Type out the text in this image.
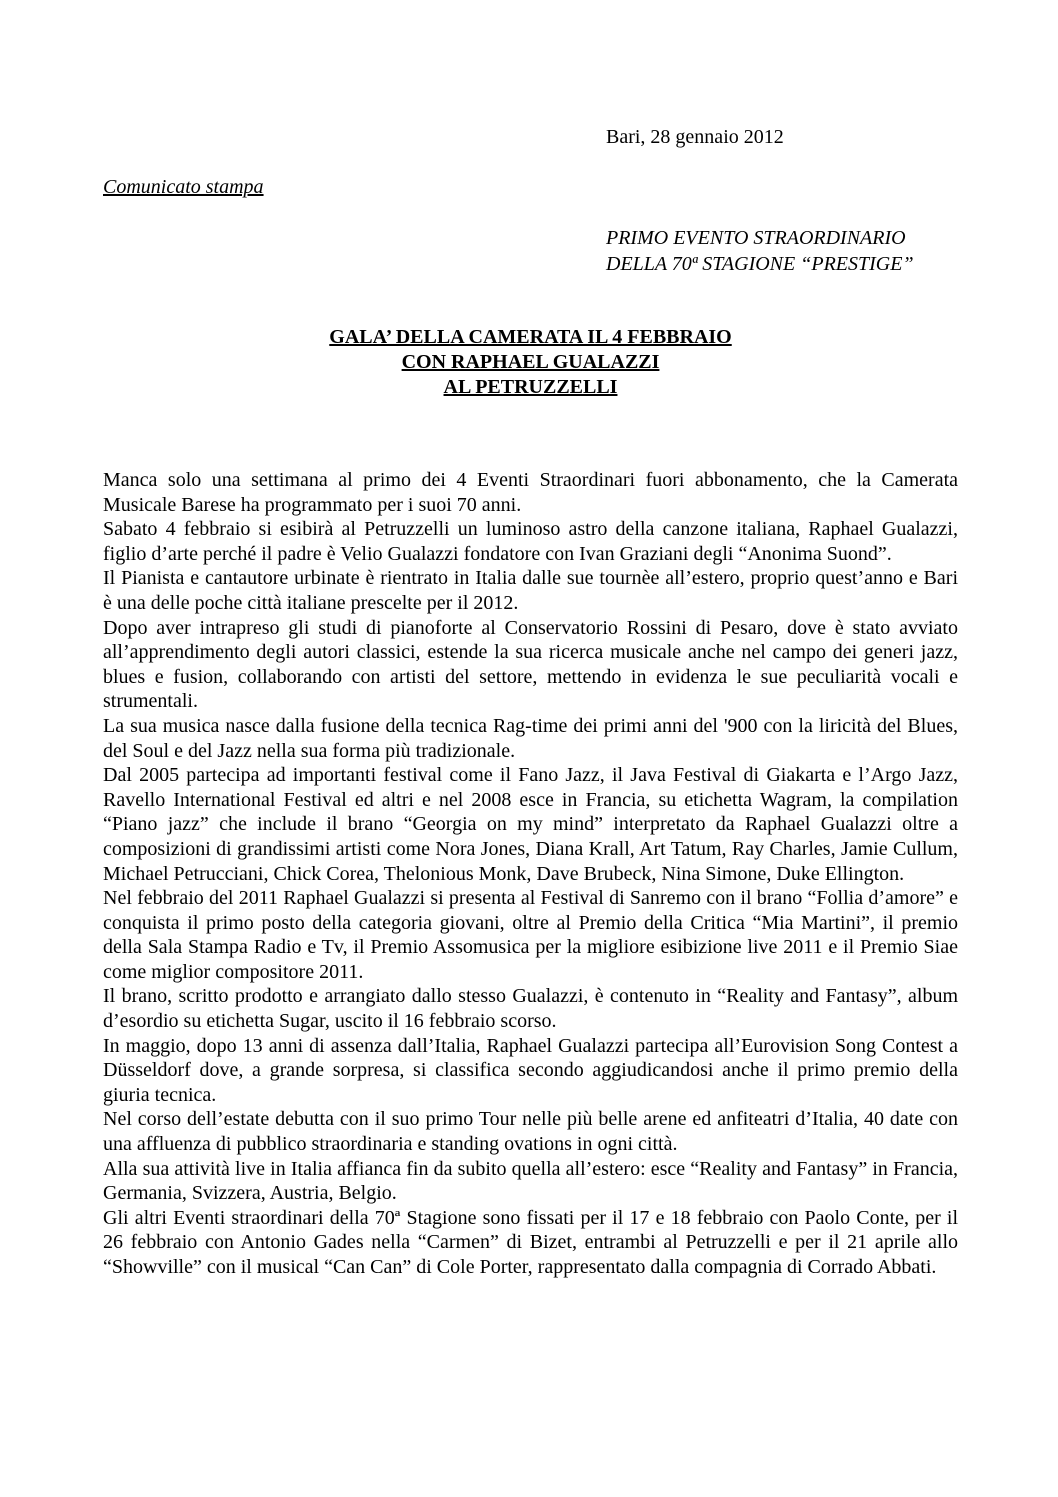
Bari, 28 gennaio 2012
Comunicato stampa
PRIMO EVENTO STRAORDINARIO
DELLA 70ª STAGIONE “PRESTIGE”
GALA’ DELLA CAMERATA IL 4 FEBBRAIO
CON RAPHAEL GUALAZZI
AL PETRUZZELLI

Manca solo una settimana al primo dei 4 Eventi Straordinari fuori abbonamento, che la Camerata Musicale Barese ha programmato per i suoi 70 anni.

Sabato 4 febbraio si esibirà al Petruzzelli un luminoso astro della canzone italiana, Raphael Gualazzi, figlio d’arte perché il padre è Velio Gualazzi fondatore con Ivan Graziani degli “Anonima Suond”.

Il Pianista e cantautore urbinate è rientrato in Italia dalle sue tournèe all’estero, proprio quest’anno e Bari è una delle poche città italiane prescelte per il 2012.

Dopo aver intrapreso gli studi di pianoforte al Conservatorio Rossini di Pesaro, dove è stato avviato all’apprendimento degli autori classici, estende la sua ricerca musicale anche nel campo dei generi jazz, blues e fusion, collaborando con artisti del settore, mettendo in evidenza le sue peculiarità vocali e strumentali.

La sua musica nasce dalla fusione della tecnica Rag-time dei primi anni del '900 con la liricità del Blues, del Soul e del Jazz nella sua forma più tradizionale.

Dal 2005 partecipa ad importanti festival come il Fano Jazz, il Java Festival di Giakarta e l’Argo Jazz, Ravello International Festival ed altri e nel 2008 esce in Francia, su etichetta Wagram, la compilation “Piano jazz” che include il brano “Georgia on my mind” interpretato da Raphael Gualazzi oltre a composizioni di grandissimi artisti come Nora Jones, Diana Krall, Art Tatum, Ray Charles, Jamie Cullum, Michael Petrucciani, Chick Corea, Thelonious Monk, Dave Brubeck, Nina Simone, Duke Ellington.

Nel febbraio del 2011 Raphael Gualazzi si presenta al Festival di Sanremo con il brano “Follia d’amore” e conquista il primo posto della categoria giovani, oltre al Premio della Critica “Mia Martini”, il premio della Sala Stampa Radio e Tv, il Premio Assomusica per la migliore esibizione live 2011 e il Premio Siae come miglior compositore 2011.

Il brano, scritto prodotto e arrangiato dallo stesso Gualazzi, è contenuto in “Reality and Fantasy”, album d’esordio su etichetta Sugar, uscito il 16 febbraio scorso.

In maggio, dopo 13 anni di assenza dall’Italia, Raphael Gualazzi partecipa all’Eurovision Song Contest a Düsseldorf dove, a grande sorpresa, si classifica secondo aggiudicandosi anche il primo premio della giuria tecnica.

Nel corso dell’estate debutta con il suo primo Tour nelle più belle arene ed anfiteatri d’Italia, 40 date con una affluenza di pubblico straordinaria e standing ovations in ogni città.

Alla sua attività live in Italia affianca fin da subito quella all’estero: esce “Reality and Fantasy” in Francia, Germania, Svizzera, Austria, Belgio.

Gli altri Eventi straordinari della 70ª Stagione sono fissati per il 17 e 18 febbraio con Paolo Conte, per il 26 febbraio con Antonio Gades nella “Carmen” di Bizet, entrambi al Petruzzelli e per il 21 aprile allo “Showville” con il musical “Can Can” di Cole Porter, rappresentato dalla compagnia di Corrado Abbati.
